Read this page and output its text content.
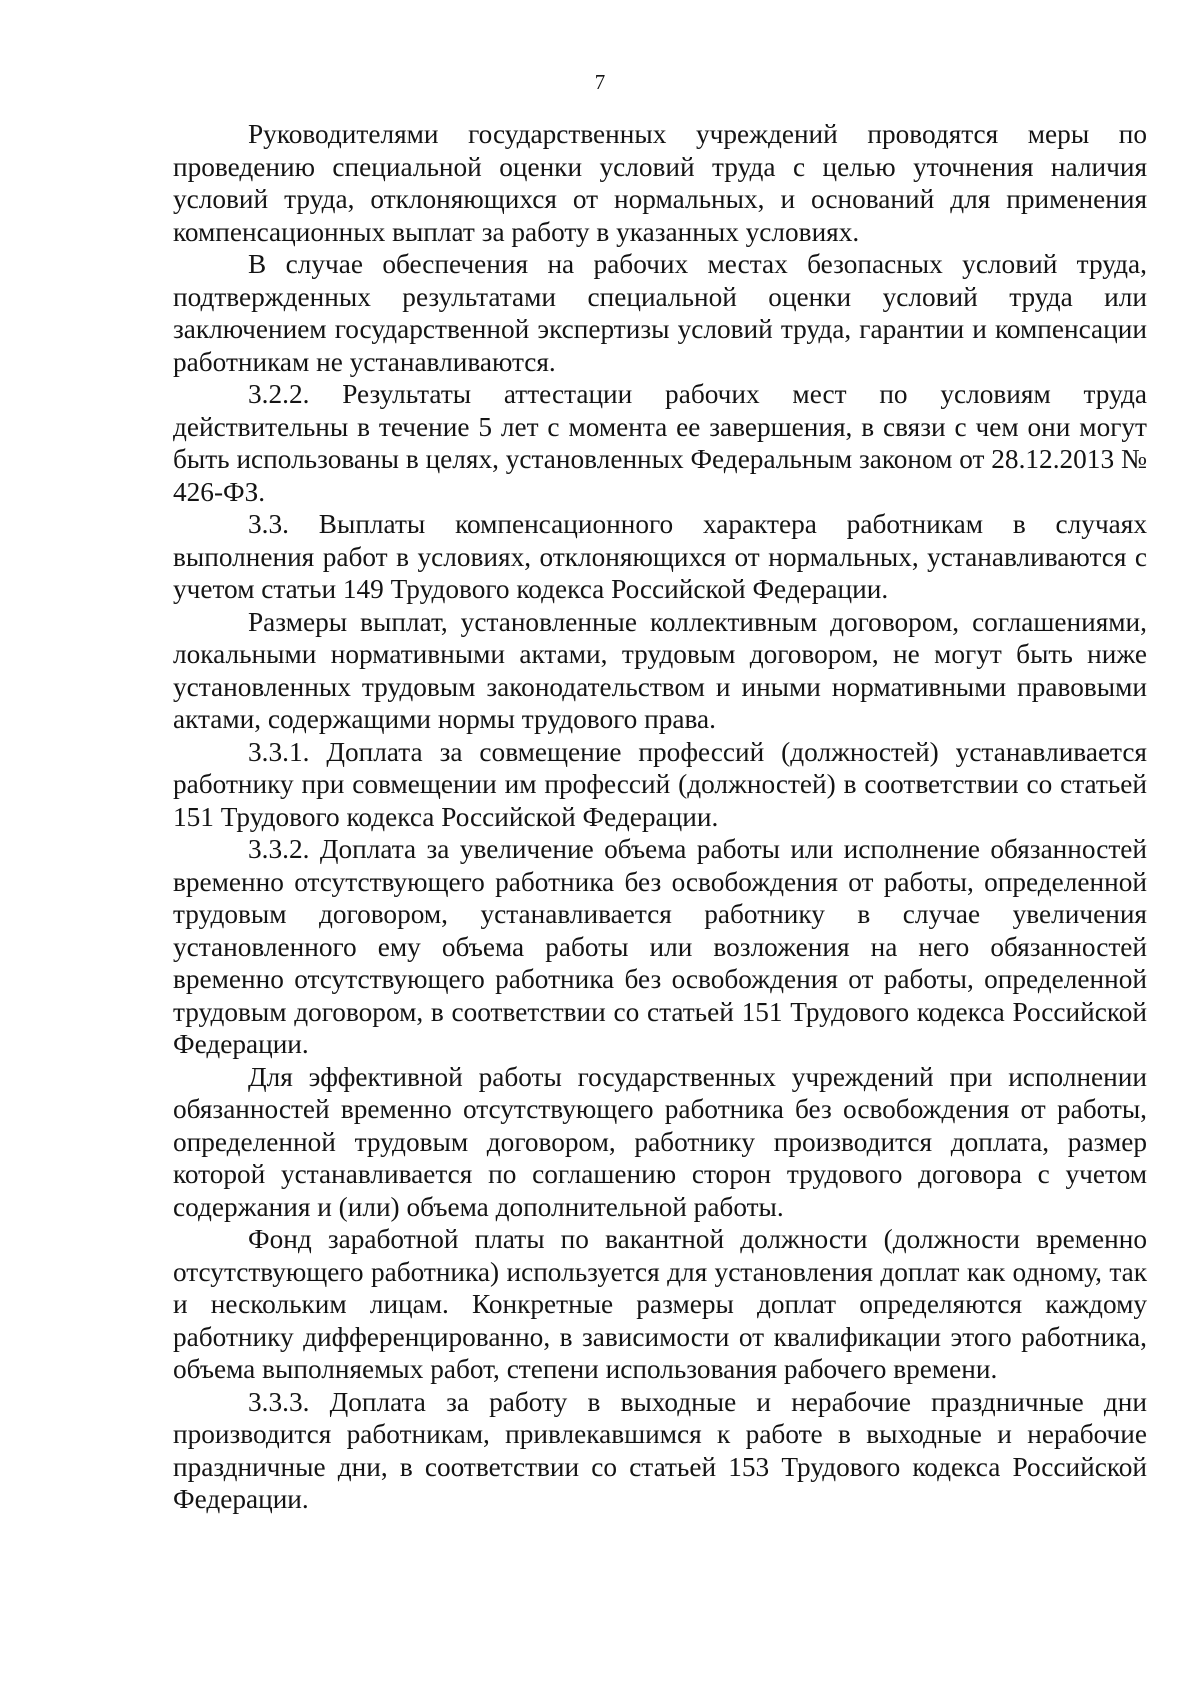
7

Руководителями государственных учреждений проводятся меры по проведению специальной оценки условий труда с целью уточнения наличия условий труда, отклоняющихся от нормальных, и оснований для применения компенсационных выплат за работу в указанных условиях.

В случае обеспечения на рабочих местах безопасных условий труда, подтвержденных результатами специальной оценки условий труда или заключением государственной экспертизы условий труда, гарантии и компенсации работникам не устанавливаются.

3.2.2. Результаты аттестации рабочих мест по условиям труда действительны в течение 5 лет с момента ее завершения, в связи с чем они могут быть использованы в целях, установленных Федеральным законом от 28.12.2013 № 426-ФЗ.

3.3. Выплаты компенсационного характера работникам в случаях выполнения работ в условиях, отклоняющихся от нормальных, устанавливаются с учетом статьи 149 Трудового кодекса Российской Федерации.

Размеры выплат, установленные коллективным договором, соглашениями, локальными нормативными актами, трудовым договором, не могут быть ниже установленных трудовым законодательством и иными нормативными правовыми актами, содержащими нормы трудового права.

3.3.1. Доплата за совмещение профессий (должностей) устанавливается работнику при совмещении им профессий (должностей) в соответствии со статьей 151 Трудового кодекса Российской Федерации.

3.3.2. Доплата за увеличение объема работы или исполнение обязанностей временно отсутствующего работника без освобождения от работы, определенной трудовым договором, устанавливается работнику в случае увеличения установленного ему объема работы или возложения на него обязанностей временно отсутствующего работника без освобождения от работы, определенной трудовым договором, в соответствии со статьей 151 Трудового кодекса Российской Федерации.

Для эффективной работы государственных учреждений при исполнении обязанностей временно отсутствующего работника без освобождения от работы, определенной трудовым договором, работнику производится доплата, размер которой устанавливается по соглашению сторон трудового договора с учетом содержания и (или) объема дополнительной работы.

Фонд заработной платы по вакантной должности (должности временно отсутствующего работника) используется для установления доплат как одному, так и нескольким лицам. Конкретные размеры доплат определяются каждому работнику дифференцированно, в зависимости от квалификации этого работника, объема выполняемых работ, степени использования рабочего времени.

3.3.3. Доплата за работу в выходные и нерабочие праздничные дни производится работникам, привлекавшимся к работе в выходные и нерабочие праздничные дни, в соответствии со статьей 153 Трудового кодекса Российской Федерации.
